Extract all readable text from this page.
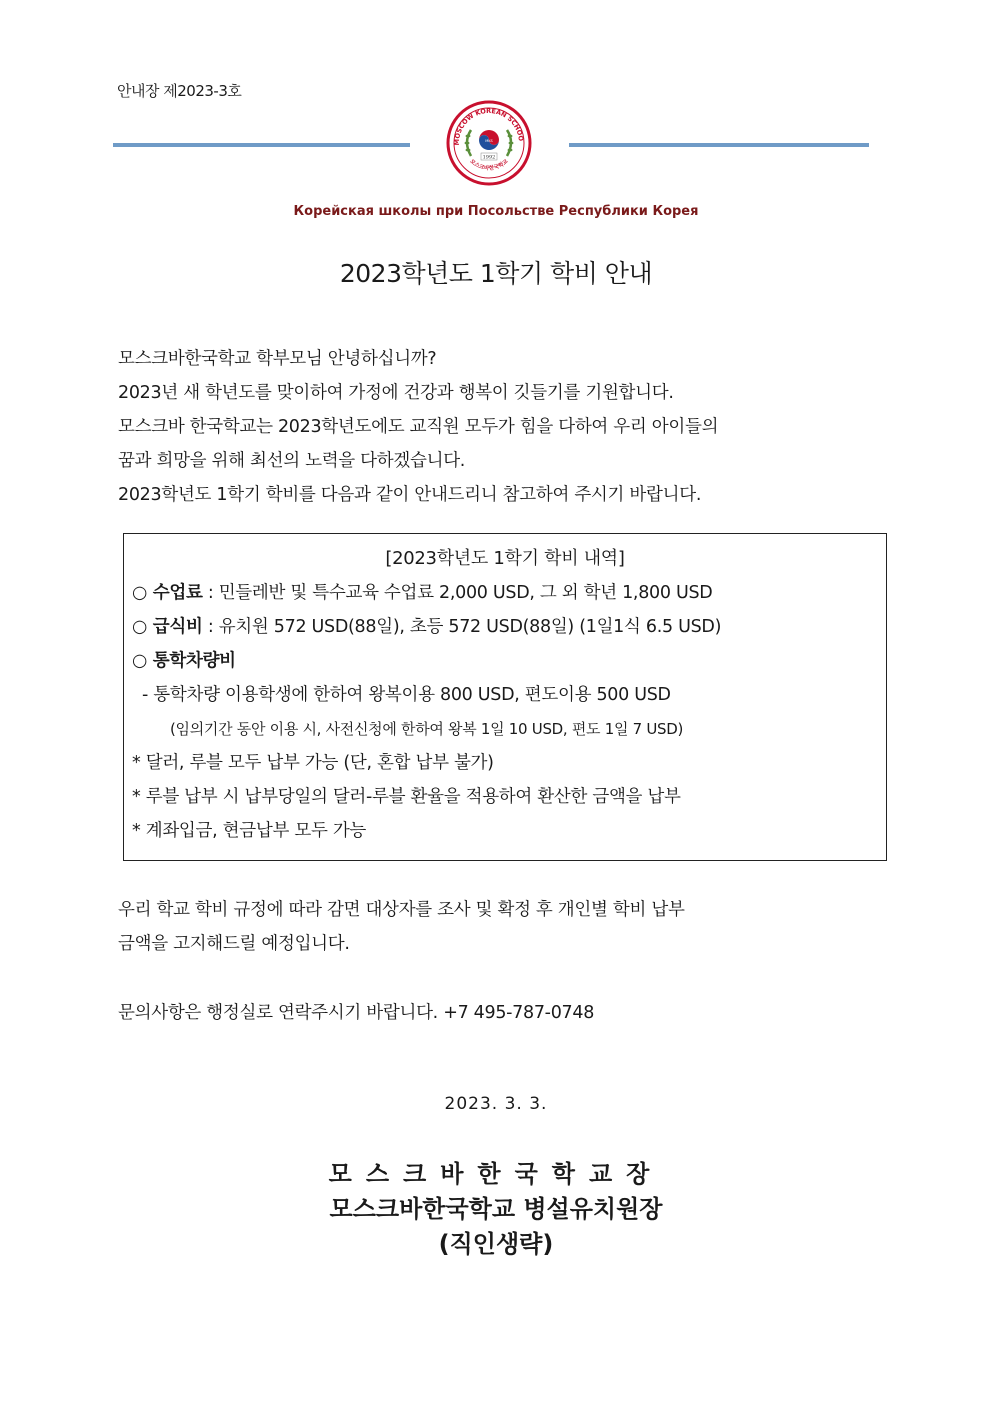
안내장 제2023-3호
MOSCOW KOREAN SCHOO
MKS
1992
모스크바한국학교
Корейская школы при Посольстве Республики Корея
2023학년도 1학기 학비 안내

모스크바한국학교 학부모님 안녕하십니까?

2023년 새 학년도를 맞이하여 가정에 건강과 행복이 깃들기를 기원합니다.

모스크바 한국학교는 2023학년도에도 교직원 모두가 힘을 다하여 우리 아이들의

꿈과 희망을 위해 최선의 노력을 다하겠습니다.

2023학년도 1학기 학비를 다음과 같이 안내드리니 참고하여 주시기 바랍니다.

[2023학년도 1학기 학비 내역]
○ 수업료 : 민들레반 및 특수교육 수업료 2,000 USD, 그 외 학년 1,800 USD
○ 급식비 : 유치원 572 USD(88일), 초등 572 USD(88일) (1일1식 6.5 USD)
○ 통학차량비
- 통학차량 이용학생에 한하여 왕복이용 800 USD, 편도이용 500 USD
(임의기간 동안 이용 시, 사전신청에 한하여 왕복 1일 10 USD, 편도 1일 7 USD)
* 달러, 루블 모두 납부 가능 (단, 혼합 납부 불가)
* 루블 납부 시 납부당일의 달러-루블 환율을 적용하여 환산한 금액을 납부
* 계좌입금, 현금납부 모두 가능

우리 학교 학비 규정에 따라 감면 대상자를 조사 및 확정 후 개인별 학비 납부

금액을 고지해드릴 예정입니다.

문의사항은 행정실로 연락주시기 바랍니다. +7 495-787-0748

2023. 3. 3.
모스크바한국학교장
모스크바한국학교 병설유치원장
(직인생략)
